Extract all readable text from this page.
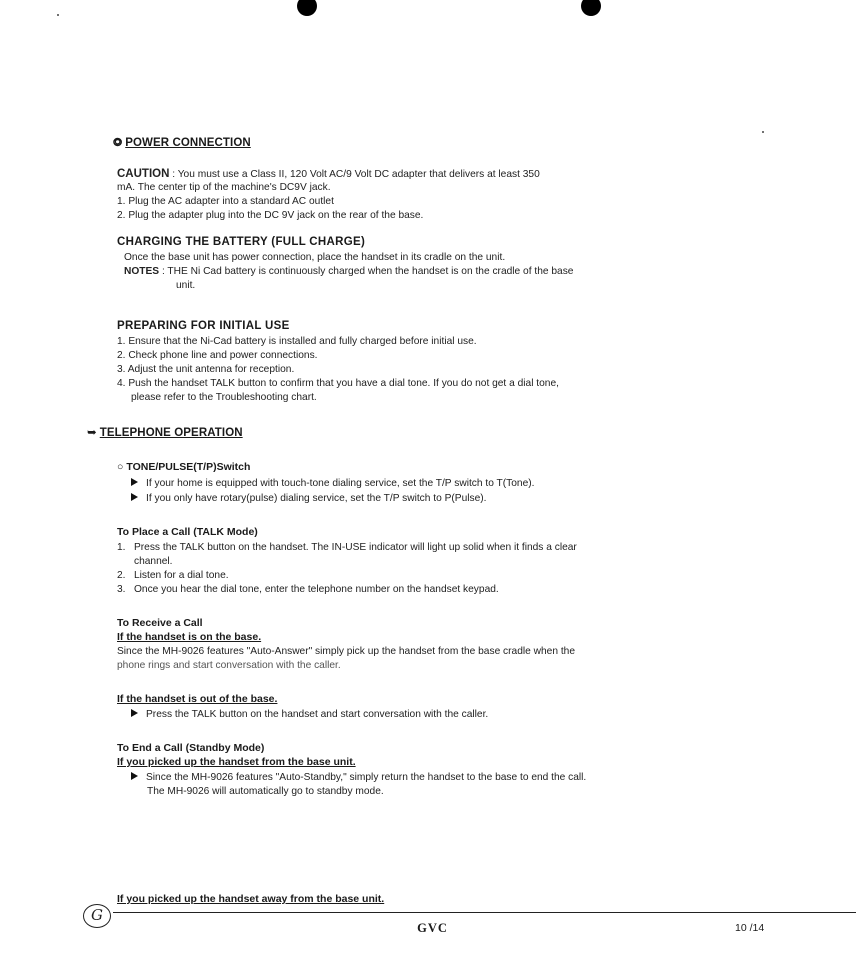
⭗ POWER CONNECTION
CAUTION : You must use a Class II, 120 Volt AC/9 Volt DC adapter that delivers at least 350
mA. The center tip of the machine's DC9V jack.
1. Plug the AC adapter into a standard AC outlet
2. Plug the adapter plug into the DC 9V jack on the rear of the base.
CHARGING THE BATTERY (FULL CHARGE)
Once the base unit has power connection, place the handset in its cradle on the unit.
NOTES : THE Ni Cad battery is continuously charged when the handset is on the cradle of the base
unit.
PREPARING FOR INITIAL USE
1. Ensure that the Ni-Cad battery is installed and fully charged before initial use.
2. Check phone line and power connections.
3. Adjust the unit antenna for reception.
4. Push the handset TALK button to confirm that you have a dial tone. If you do not get a dial tone,
please refer to the Troubleshooting chart.
➥ TELEPHONE OPERATION
○ TONE/PULSE(T/P)Switch
If your home is equipped with touch-tone dialing service, set the T/P switch to T(Tone).
If you only have rotary(pulse) dialing service, set the T/P switch to P(Pulse).
To Place a Call (TALK Mode)
1.   Press the TALK button on the handset. The IN-USE indicator will light up solid when it finds a clear
channel.
2.   Listen for a dial tone.
3.   Once you hear the dial tone, enter the telephone number on the handset keypad.
To Receive a Call
If the handset is on the base.
Since the MH-9026 features "Auto-Answer" simply pick up the handset from the base cradle when the
phone rings and start conversation with the caller.
If the handset is out of the base.
Press the TALK button on the handset and start conversation with the caller.
To End a Call (Standby Mode)
If you picked up the handset from the base unit.
Since the MH-9026 features "Auto-Standby," simply return the handset to the base to end the call.
The MH-9026 will automatically go to standby mode.
If you picked up the handset away from the base unit.
G
GVC	10 /14
